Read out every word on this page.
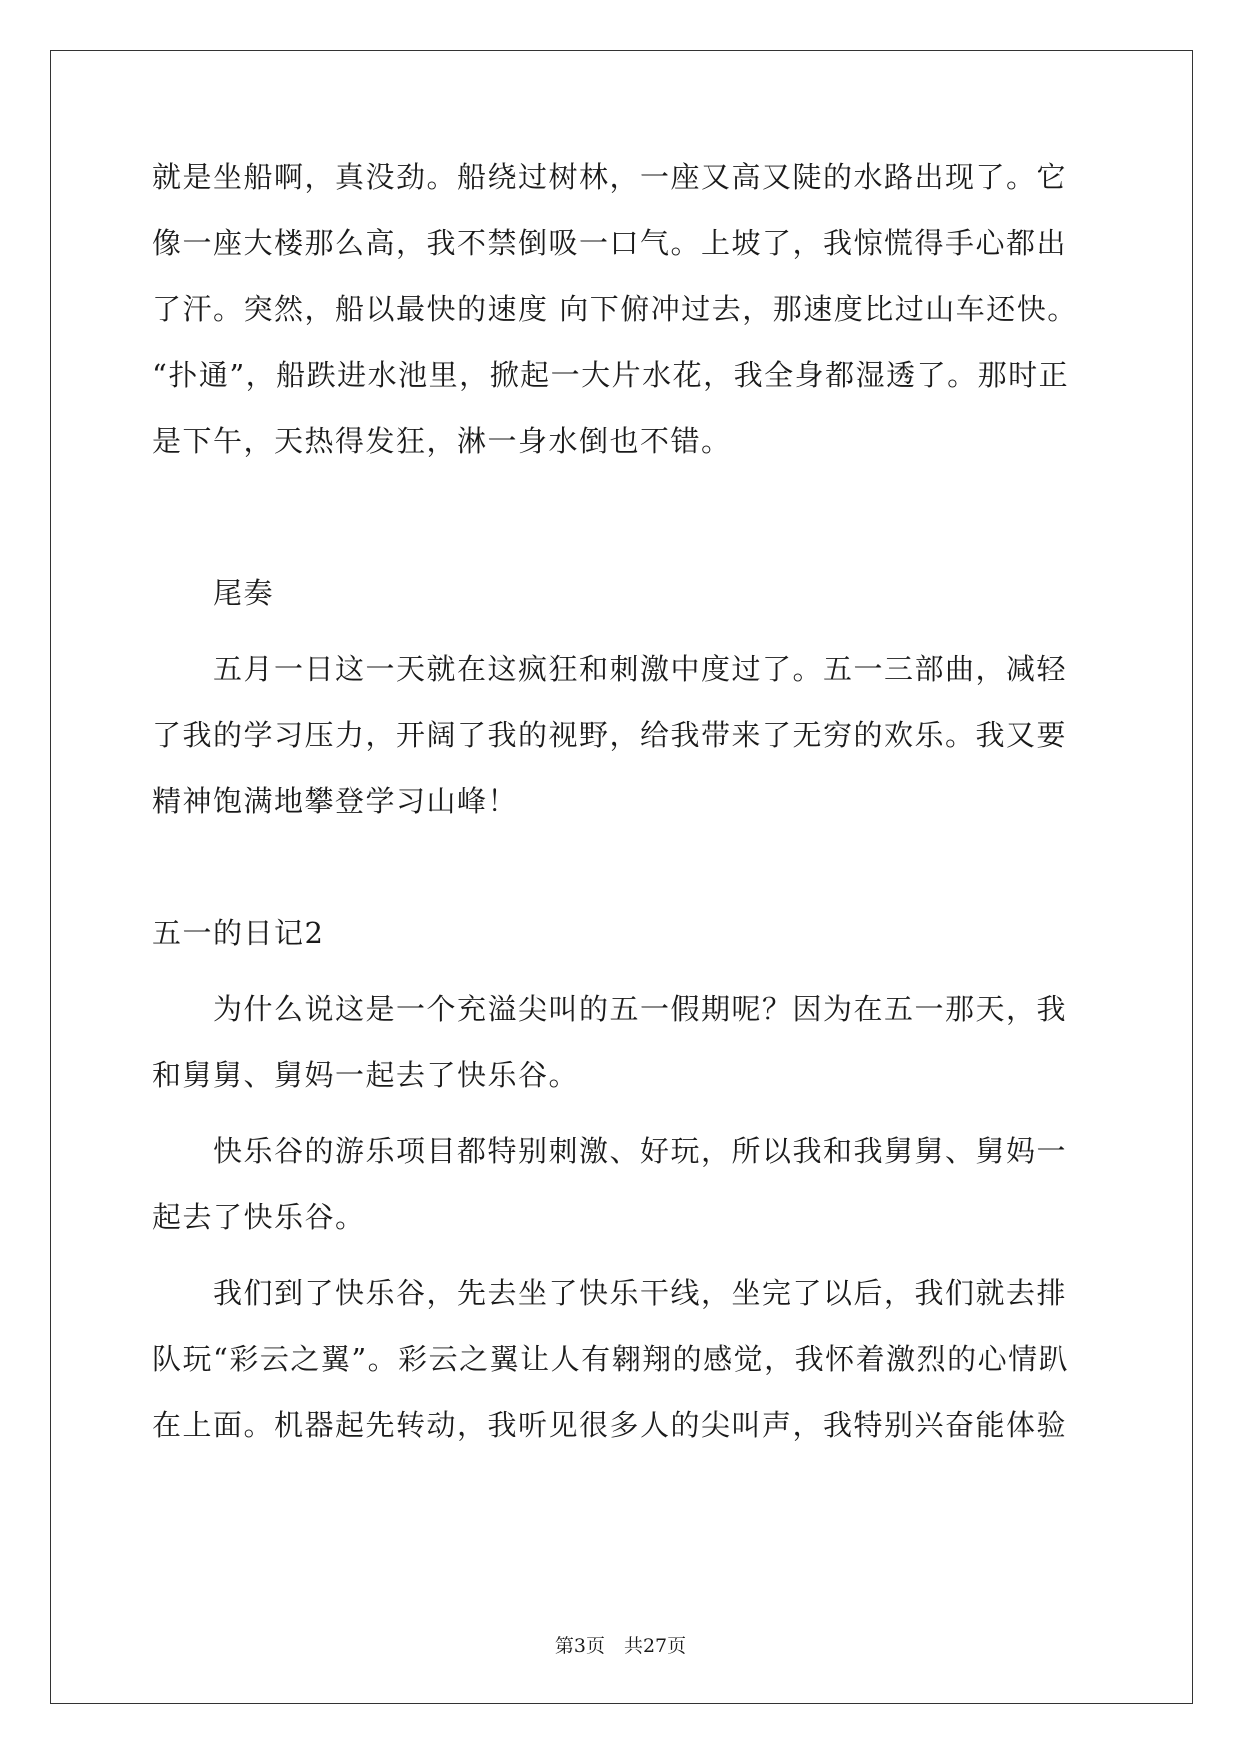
就是坐船啊，真没劲。船绕过树林，一座又高又陡的水路出现了。它
像一座大楼那么高，我不禁倒吸一口气。上坡了，我惊慌得手心都出
了汗。突然，船以最快的速度 向下俯冲过去，那速度比过山车还快。
“扑通”，船跌进水池里，掀起一大片水花，我全身都湿透了。那时正
是下午，天热得发狂，淋一身水倒也不错。
　　尾奏
　　五月一日这一天就在这疯狂和刺激中度过了。五一三部曲，减轻
了我的学习压力，开阔了我的视野，给我带来了无穷的欢乐。我又要
精神饱满地攀登学习山峰！
五一的日记2
　　为什么说这是一个充溢尖叫的五一假期呢？因为在五一那天，我
和舅舅、舅妈一起去了快乐谷。
　　快乐谷的游乐项目都特别刺激、好玩，所以我和我舅舅、舅妈一
起去了快乐谷。
　　我们到了快乐谷，先去坐了快乐干线，坐完了以后，我们就去排
队玩“彩云之翼”。彩云之翼让人有翱翔的感觉，我怀着激烈的心情趴
在上面。机器起先转动，我听见很多人的尖叫声，我特别兴奋能体验
第3页　共27页
